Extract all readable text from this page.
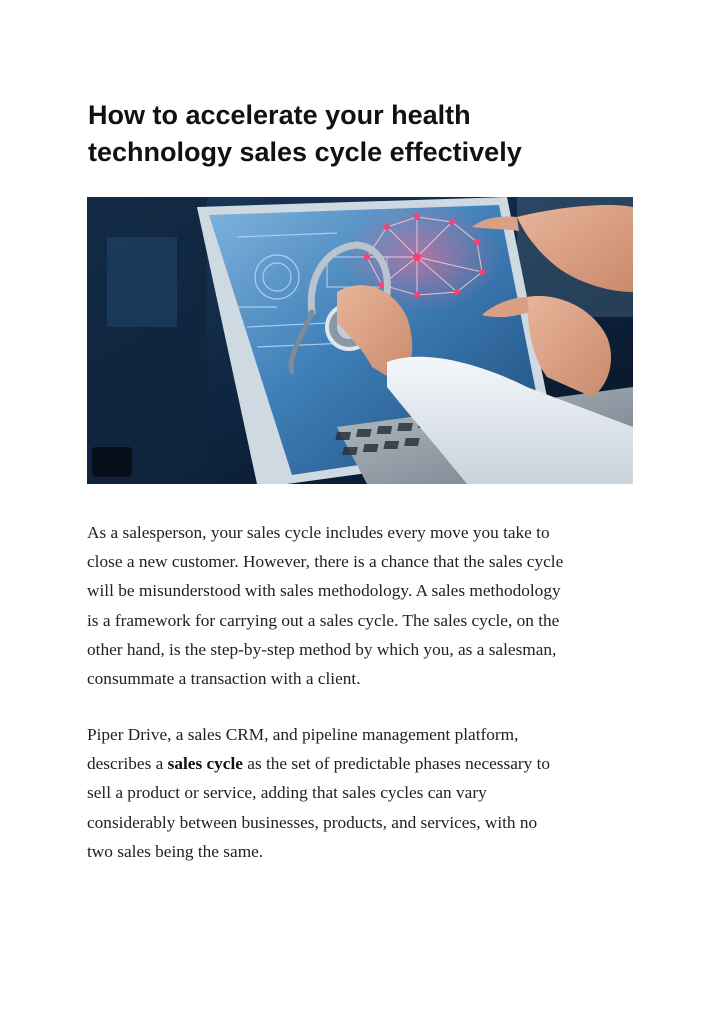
How to accelerate your health
technology sales cycle effectively

As a salesperson, your sales cycle includes every move you take to
close a new customer. However, there is a chance that the sales cycle
will be misunderstood with sales methodology. A sales methodology
is a framework for carrying out a sales cycle. The sales cycle, on the
other hand, is the step-by-step method by which you, as a salesman,
consummate a transaction with a client.

Piper Drive, a sales CRM, and pipeline management platform,
describes a sales cycle as the set of predictable phases necessary to
sell a product or service, adding that sales cycles can vary
considerably between businesses, products, and services, with no
two sales being the same.
